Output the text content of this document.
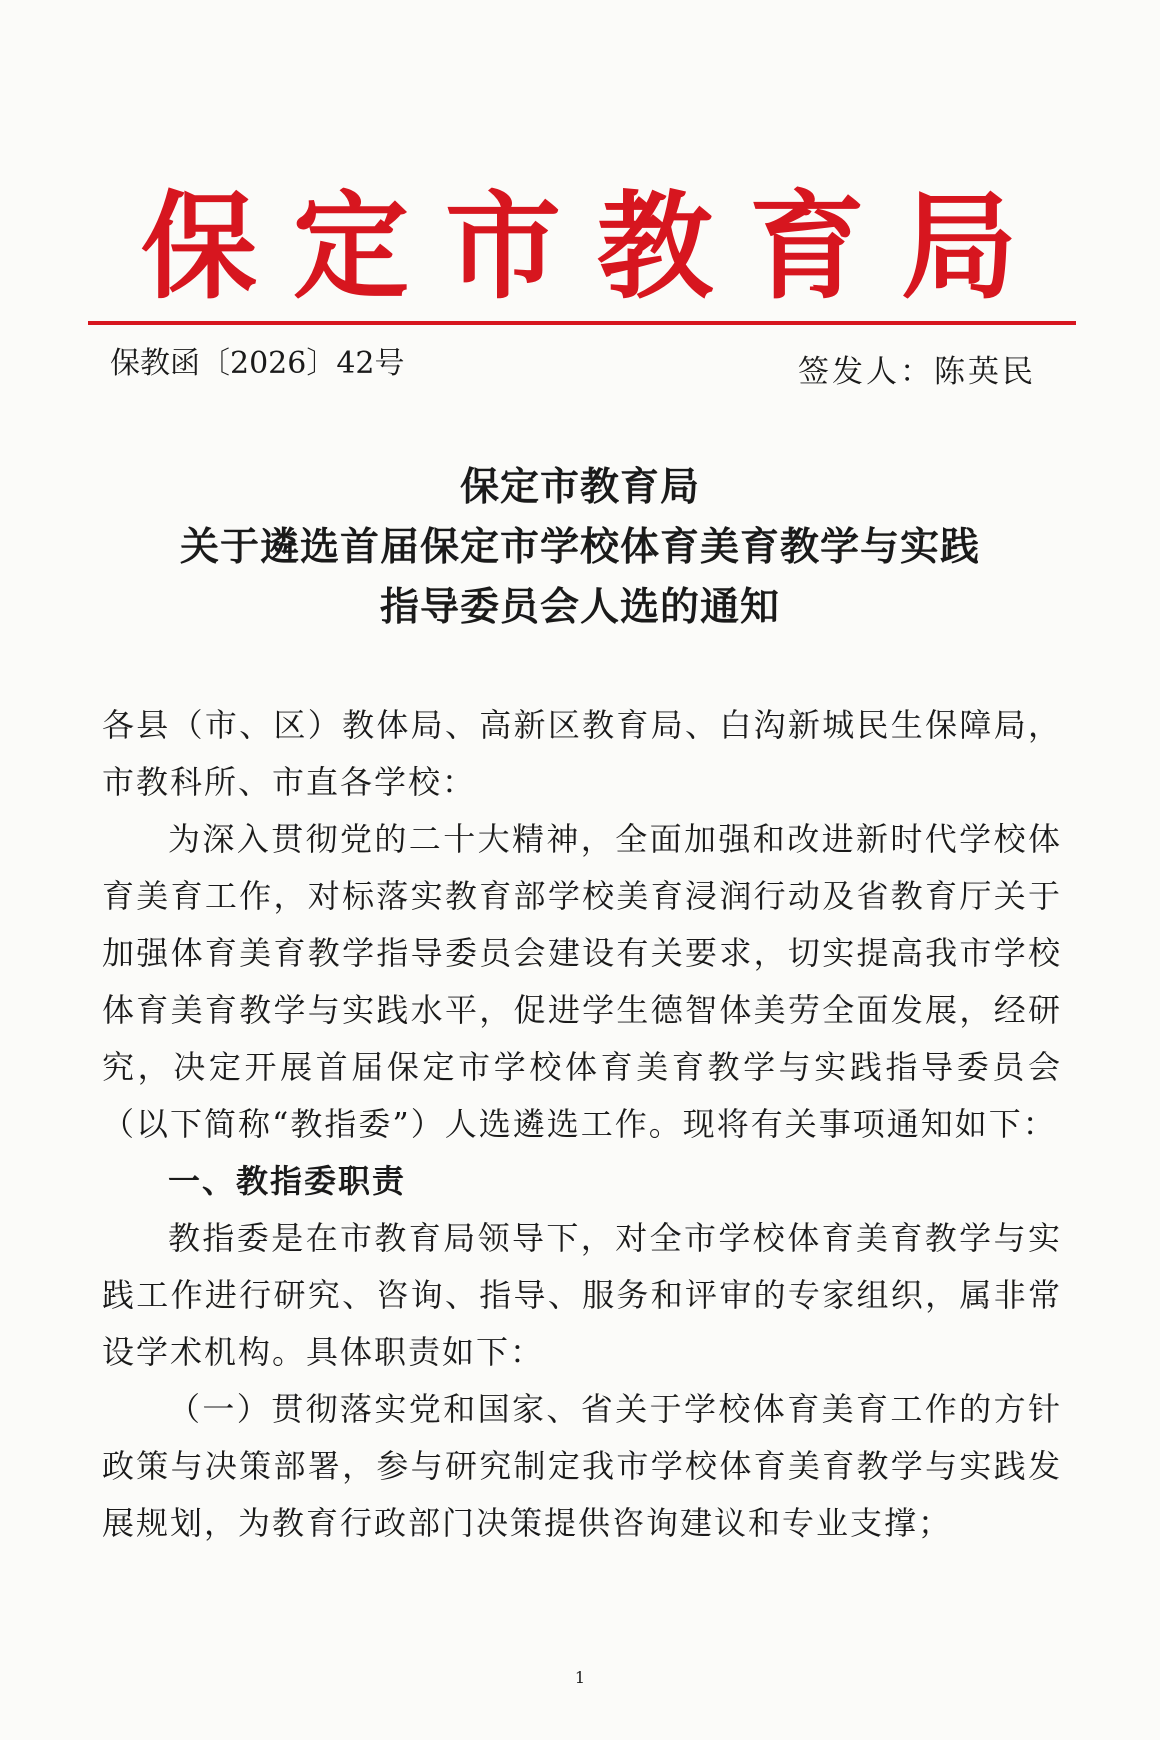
保定市教育局
保教函〔2026〕42号	签发人：陈英民
保定市教育局
关于遴选首届保定市学校体育美育教学与实践
指导委员会人选的通知

各县（市、区）教体局、高新区教育局、白沟新城民生保障局，市教科所、市直各学校：

为深入贯彻党的二十大精神，全面加强和改进新时代学校体育美育工作，对标落实教育部学校美育浸润行动及省教育厅关于加强体育美育教学指导委员会建设有关要求，切实提高我市学校体育美育教学与实践水平，促进学生德智体美劳全面发展，经研究，决定开展首届保定市学校体育美育教学与实践指导委员会（以下简称“教指委”）人选遴选工作。现将有关事项通知如下：

一、教指委职责

教指委是在市教育局领导下，对全市学校体育美育教学与实践工作进行研究、咨询、指导、服务和评审的专家组织，属非常设学术机构。具体职责如下：

（一）贯彻落实党和国家、省关于学校体育美育工作的方针政策与决策部署，参与研究制定我市学校体育美育教学与实践发展规划，为教育行政部门决策提供咨询建议和专业支撑；

1
